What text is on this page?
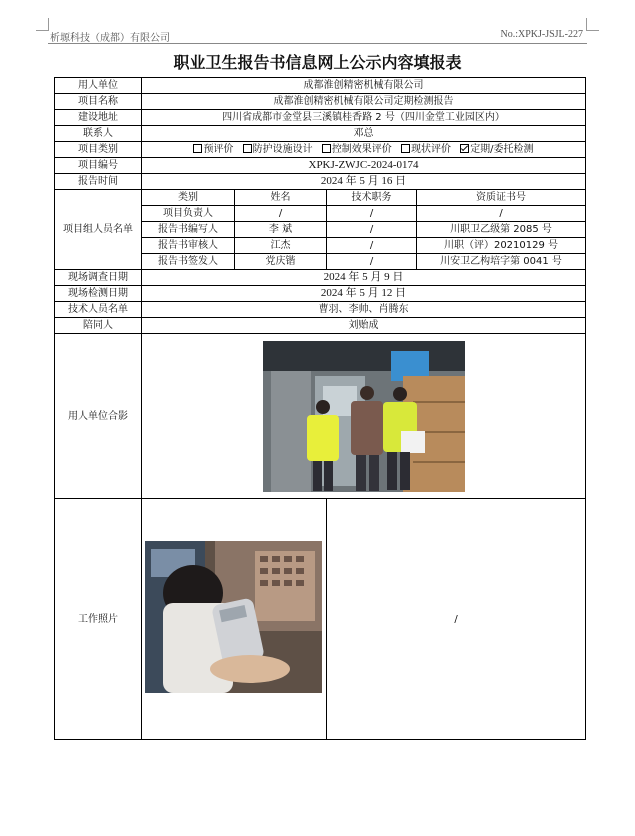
析塬科技（成都）有限公司	No.:XPKJ-JSJL-227
职业卫生报告书信息网上公示内容填报表
用人单位	成都淮创精密机械有限公司			
项目名称	成都淮创精密机械有限公司定期检测报告			
建设地址	四川省成都市金堂县三溪镇桂香路 2 号（四川金堂工业园区内）			
联系人	邓总			
项目类别	预评价 防护设施设计 控制效果评价 现状评价 定期/委托检测			
项目编号	XPKJ-ZWJC-2024-0174			
报告时间	2024 年 5 月 16 日			
项目组人员名单	类别	姓名	技术职务	资质证书号
	项目负责人	/	/	/
	报告书编写人	李 斌	/	川职卫乙级第 2085 号
	报告书审核人	江杰	/	川职（评）20210129 号
	报告书签发人	党庆锴	/	川安卫乙构培字第 0041 号
现场调查日期	2024 年 5 月 9 日			
现场检测日期	2024 年 5 月 12 日			
技术人员名单	曹羽、李帅、肖腾东			
陪同人	刘贻成			
用人单位合影	

工作照片			/	
